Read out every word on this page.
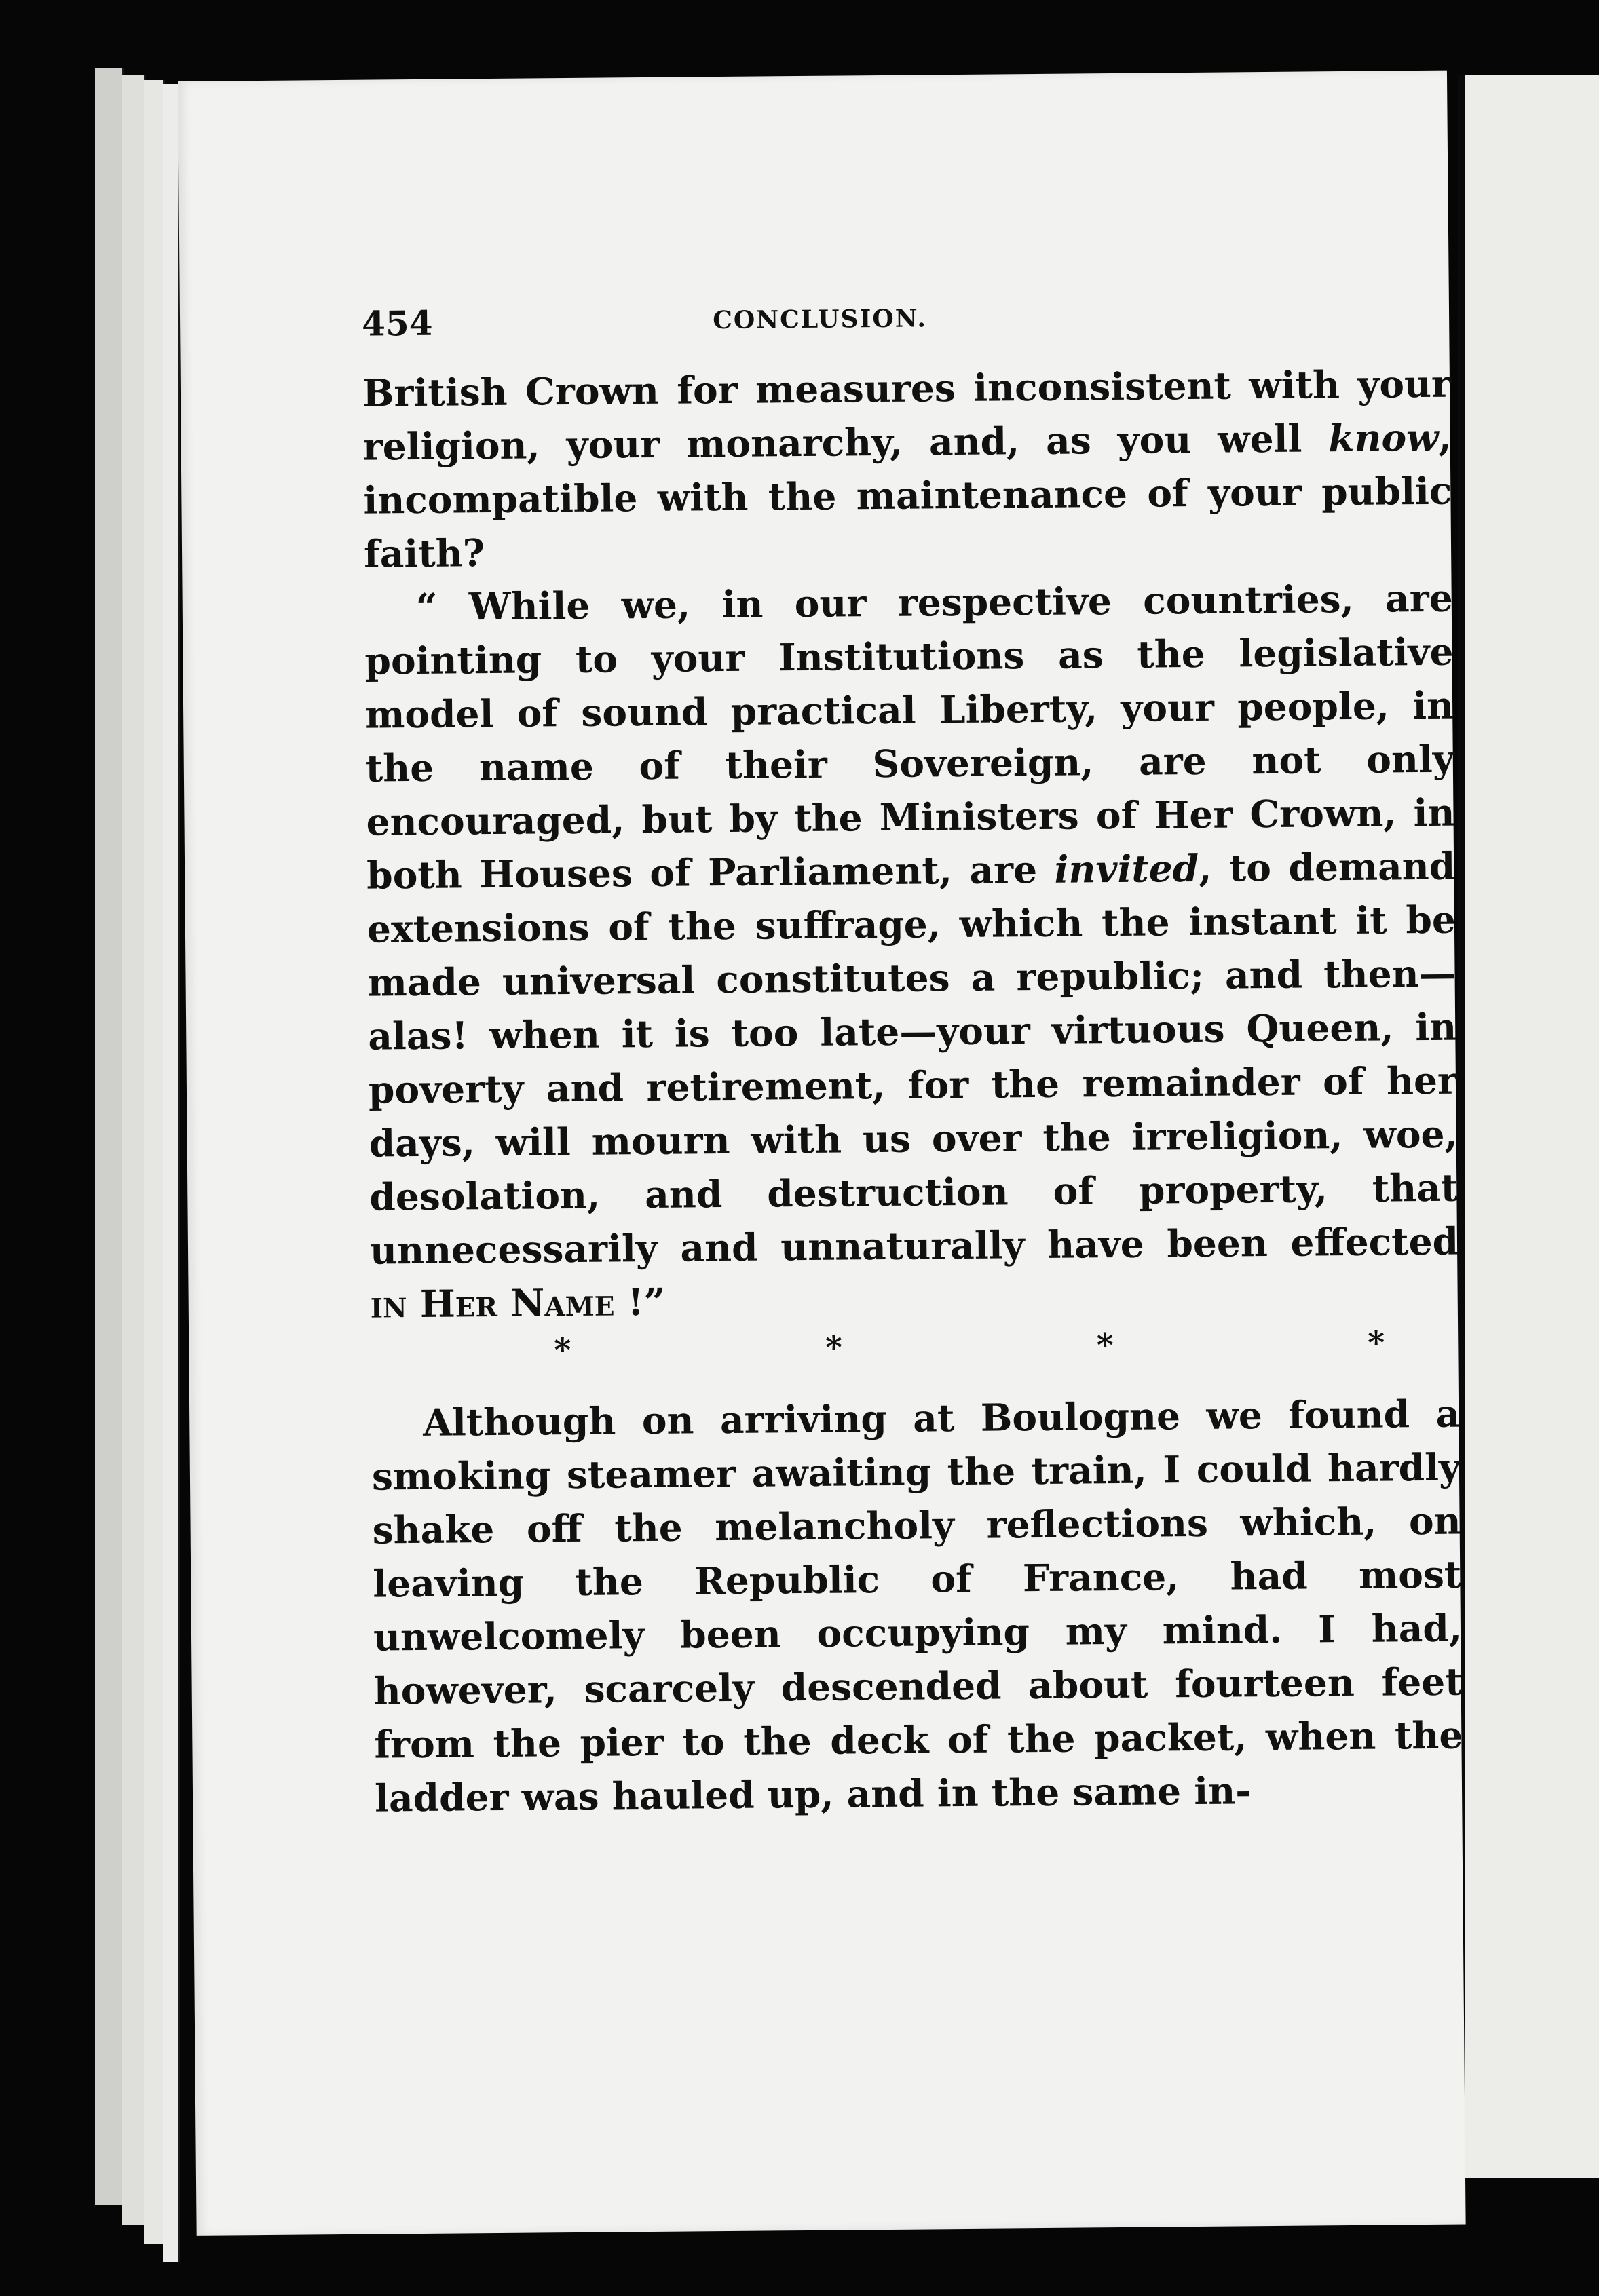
454	CONCLUSION.

British Crown for measures inconsistent with your religion, your monarchy, and, as you well know, incompatible with the maintenance of your public faith?

“ While we, in our respective countries, are pointing to your Institutions as the legislative model of sound practical Liberty, your people, in the name of their Sovereign, are not only encouraged, but by the Ministers of Her Crown, in both Houses of Parliament, are invited, to demand extensions of the suffrage, which the instant it be made universal constitutes a republic; and then—alas! when it is too late—your virtuous Queen, in poverty and retirement, for the remainder of her days, will mourn with us over the irreligion, woe, desolation, and destruction of property, that unnecessarily and unnaturally have been effected in Her Name !”

*	*	*	*

Although on arriving at Boulogne we found a smoking steamer awaiting the train, I could hardly shake off the melancholy reflections which, on leaving the Republic of France, had most unwelcomely been occupying my mind. I had, however, scarcely descended about fourteen feet from the pier to the deck of the packet, when the ladder was hauled up, and in the same in-
